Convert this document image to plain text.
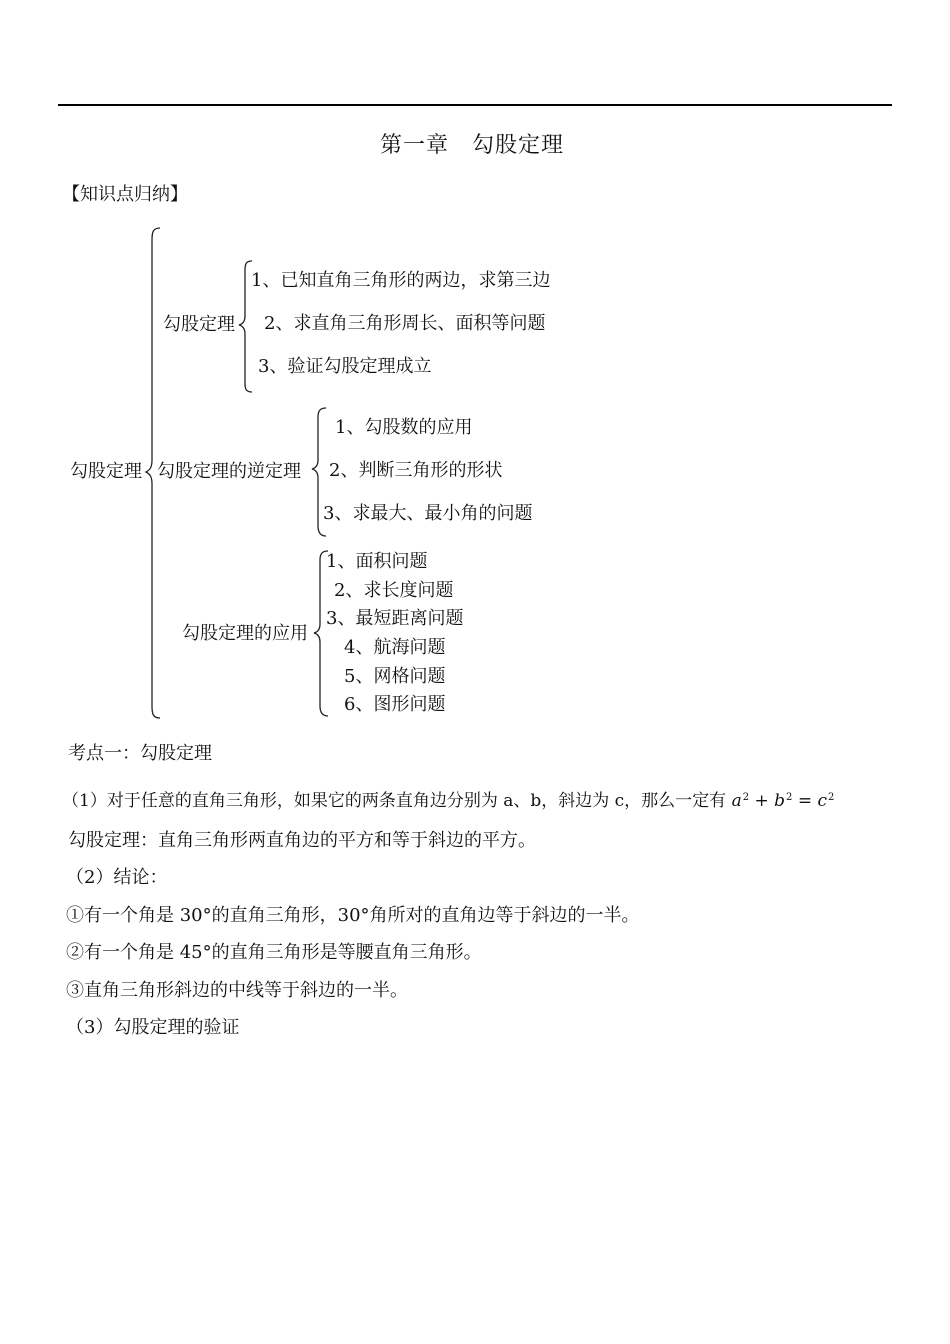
第一章　勾股定理
【知识点归纳】
勾股定理
勾股定理
1、已知直角三角形的两边，求第三边
2、求直角三角形周长、面积等问题
3、验证勾股定理成立
勾股定理的逆定理
1、勾股数的应用
2、判断三角形的形状
3、求最大、最小角的问题
勾股定理的应用
1、面积问题
2、求长度问题
3、最短距离问题
4、航海问题
5、网格问题
6、图形问题
考点一：勾股定理
（1）对于任意的直角三角形，如果它的两条直角边分别为 a、b，斜边为 c，那么一定有 $a^2 + b^2 = c^2$
勾股定理：直角三角形两直角边的平方和等于斜边的平方。
（2）结论：
①有一个角是 30°的直角三角形，30°角所对的直角边等于斜边的一半。
②有一个角是 45°的直角三角形是等腰直角三角形。
③直角三角形斜边的中线等于斜边的一半。
（3）勾股定理的验证
